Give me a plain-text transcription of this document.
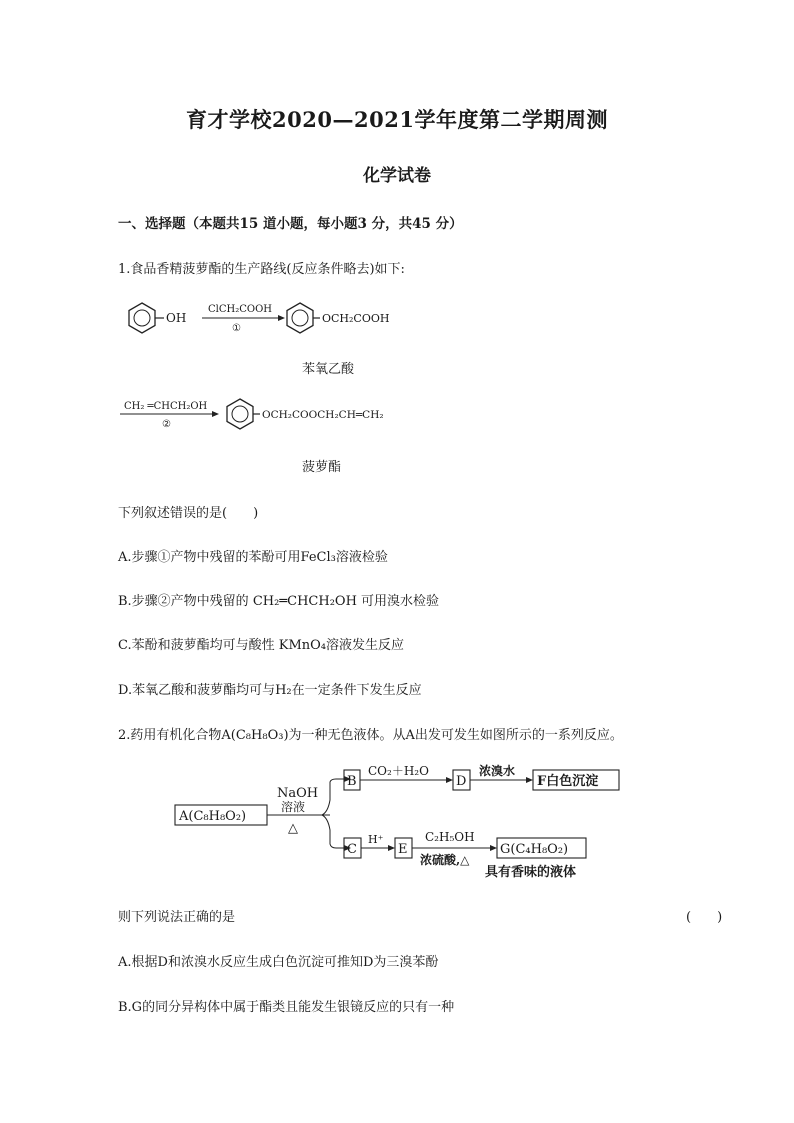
育才学校2020—2021学年度第二学期周测
化学试卷
一、选择题（本题共15 道小题，每小题3 分，共45 分）
1.食品香精菠萝酯的生产路线(反应条件略去)如下:
OH
ClCH₂COOH
①
OCH₂COOH
苯氧乙酸
CH₂ ═CHCH₂OH
②
OCH₂COOCH₂CH═CH₂
菠萝酯
下列叙述错误的是(　　)
A.步骤①产物中残留的苯酚可用FeCl₃溶液检验
B.步骤②产物中残留的 CH₂═CHCH₂OH 可用溴水检验
C.苯酚和菠萝酯均可与酸性 KMnO₄溶液发生反应
D.苯氧乙酸和菠萝酯均可与H₂在一定条件下发生反应
2.药用有机化合物A(C₈H₈O₃)为一种无色液体。从A出发可发生如图所示的一系列反应。
A(C₈H₈O₂)
NaOH
溶液
△
B
CO₂＋H₂O
D
浓溴水
F白色沉淀
C
H⁺
E
C₂H₅OH
浓硫酸,△
G(C₄H₈O₂)
具有香味的液体
则下列说法正确的是	(　　)
A.根据D和浓溴水反应生成白色沉淀可推知D为三溴苯酚
B.G的同分异构体中属于酯类且能发生银镜反应的只有一种
